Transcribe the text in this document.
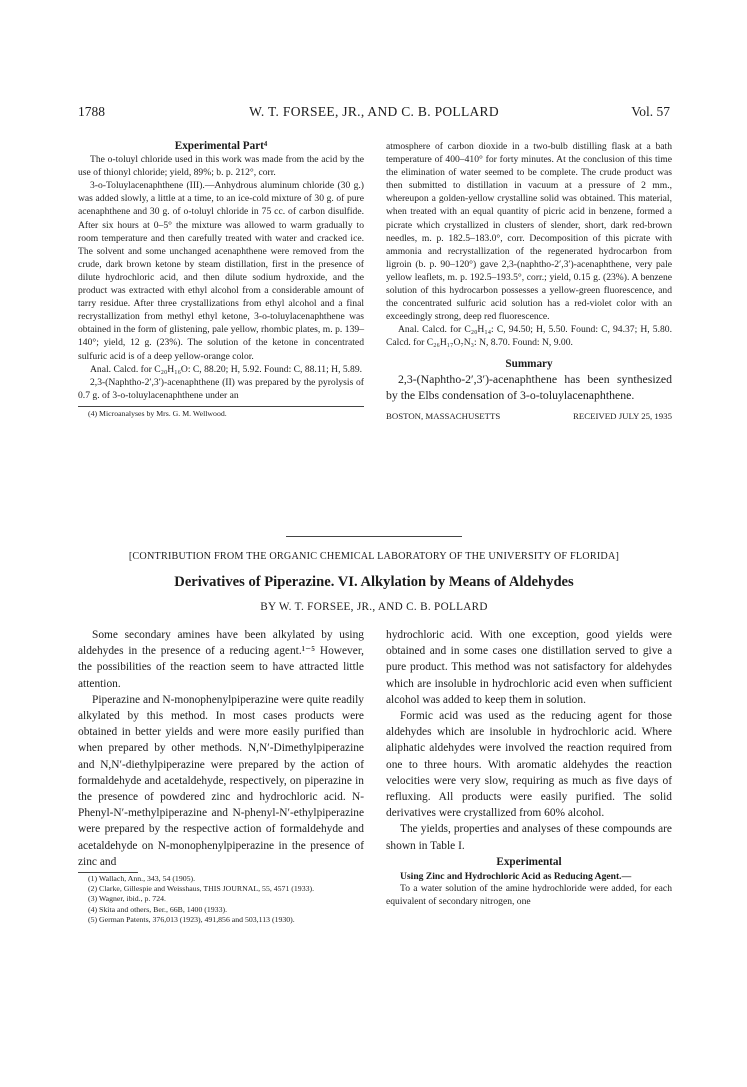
1788	W. T. FORSEE, JR., AND C. B. POLLARD	Vol. 57

Experimental Part⁴

The o-toluyl chloride used in this work was made from the acid by the use of thionyl chloride; yield, 89%; b. p. 212°, corr.

3-o-Toluylacenaphthene (III).—Anhydrous aluminum chloride (30 g.) was added slowly, a little at a time, to an ice-cold mixture of 30 g. of pure acenaphthene and 30 g. of o-toluyl chloride in 75 cc. of carbon disulfide. After six hours at 0–5° the mixture was allowed to warm gradually to room temperature and then carefully treated with water and cracked ice. The solvent and some unchanged acenaphthene were removed from the crude, dark brown ketone by steam distillation, first in the presence of dilute hydrochloric acid, and then dilute sodium hydroxide, and the product was extracted with ethyl alcohol from a considerable amount of tarry residue. After three crystallizations from ethyl alcohol and a final recrystallization from methyl ethyl ketone, 3-o-toluylacenaphthene was obtained in the form of glistening, pale yellow, rhombic plates, m. p. 139–140°; yield, 12 g. (23%). The solution of the ketone in concentrated sulfuric acid is of a deep yellow-orange color.

Anal. Calcd. for C₂₀H₁₆O: C, 88.20; H, 5.92. Found: C, 88.11; H, 5.89.

2,3-(Naphtho-2′,3′)-acenaphthene (II) was prepared by the pyrolysis of 0.7 g. of 3-o-toluylacenaphthene under an

(4) Microanalyses by Mrs. G. M. Wellwood.

atmosphere of carbon dioxide in a two-bulb distilling flask at a bath temperature of 400–410° for forty minutes. At the conclusion of this time the elimination of water seemed to be complete. The crude product was then submitted to distillation in vacuum at a pressure of 2 mm., whereupon a golden-yellow crystalline solid was obtained. This material, when treated with an equal quantity of picric acid in benzene, formed a picrate which crystallized in clusters of slender, short, dark red-brown needles, m. p. 182.5–183.0°, corr. Decomposition of this picrate with ammonia and recrystallization of the regenerated hydrocarbon from ligroin (b. p. 90–120°) gave 2,3-(naphtho-2′,3′)-acenaphthene, very pale yellow leaflets, m. p. 192.5–193.5°, corr.; yield, 0.15 g. (23%). A benzene solution of this hydrocarbon possesses a yellow-green fluorescence, and the concentrated sulfuric acid solution has a red-violet color with an exceedingly strong, deep red fluorescence.

Anal. Calcd. for C₂₀H₁₄: C, 94.50; H, 5.50. Found: C, 94.37; H, 5.80. Calcd. for C₂₆H₁₇O₇N₃: N, 8.70. Found: N, 9.00.

Summary

2,3-(Naphtho-2′,3′)-acenaphthene has been synthesized by the Elbs condensation of 3-o-toluylacenaphthene.

BOSTON, MASSACHUSETTS	RECEIVED JULY 25, 1935
[CONTRIBUTION FROM THE ORGANIC CHEMICAL LABORATORY OF THE UNIVERSITY OF FLORIDA]
Derivatives of Piperazine. VI. Alkylation by Means of Aldehydes
BY W. T. FORSEE, JR., AND C. B. POLLARD

Some secondary amines have been alkylated by using aldehydes in the presence of a reducing agent.¹⁻⁵ However, the possibilities of the reaction seem to have attracted little attention.

Piperazine and N-monophenylpiperazine were quite readily alkylated by this method. In most cases products were obtained in better yields and were more easily purified than when prepared by other methods. N,N′-Dimethylpiperazine and N,N′-diethylpiperazine were prepared by the action of formaldehyde and acetaldehyde, respectively, on piperazine in the presence of powdered zinc and hydrochloric acid. N-Phenyl-N′-methylpiperazine and N-phenyl-N′-ethylpiperazine were prepared by the respective action of formaldehyde and acetaldehyde on N-monophenylpiperazine in the presence of zinc and

(1) Wallach, Ann., 343, 54 (1905).

(2) Clarke, Gillespie and Weisshaus, THIS JOURNAL, 55, 4571 (1933).

(3) Wagner, ibid., p. 724.

(4) Skita and others, Ber., 66B, 1400 (1933).

(5) German Patents, 376,013 (1923), 491,856 and 503,113 (1930).

hydrochloric acid. With one exception, good yields were obtained and in some cases one distillation served to give a pure product. This method was not satisfactory for aldehydes which are insoluble in hydrochloric acid even when sufficient alcohol was added to keep them in solution.

Formic acid was used as the reducing agent for those aldehydes which are insoluble in hydrochloric acid. Where aliphatic aldehydes were involved the reaction required from one to three hours. With aromatic aldehydes the reaction velocities were very slow, requiring as much as five days of refluxing. All products were easily purified. The solid derivatives were crystallized from 60% alcohol.

The yields, properties and analyses of these compounds are shown in Table I.

Experimental

Using Zinc and Hydrochloric Acid as Reducing Agent.—

To a water solution of the amine hydrochloride were added, for each equivalent of secondary nitrogen, one
